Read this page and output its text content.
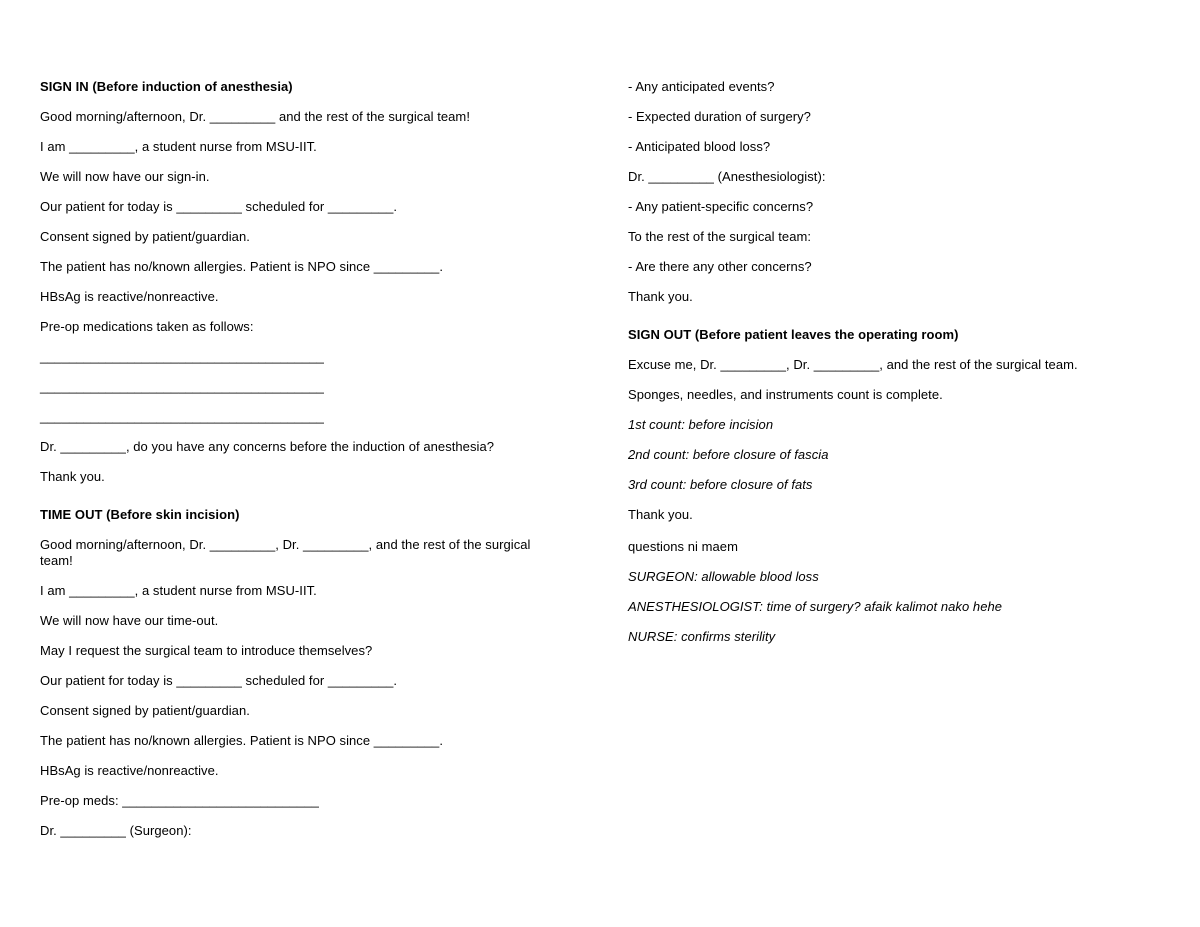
SIGN IN (Before induction of anesthesia)
Good morning/afternoon, Dr. _________ and the rest of the surgical team!
I am _________, a student nurse from MSU-IIT.
We will now have our sign-in.
Our patient for today is _________ scheduled for _________.
Consent signed by patient/guardian.
The patient has no/known allergies. Patient is NPO since _________.
HBsAg is reactive/nonreactive.
Pre-op medications taken as follows:
_______________________________________
_______________________________________
_______________________________________
Dr. _________, do you have any concerns before the induction of anesthesia?
Thank you.
TIME OUT (Before skin incision)
Good morning/afternoon, Dr. _________, Dr. _________, and the rest of the surgical team!
I am _________, a student nurse from MSU-IIT.
We will now have our time-out.
May I request the surgical team to introduce themselves?
Our patient for today is _________ scheduled for _________.
Consent signed by patient/guardian.
The patient has no/known allergies. Patient is NPO since _________.
HBsAg is reactive/nonreactive.
Pre-op meds: ___________________________
Dr. _________ (Surgeon):
- Any anticipated events?
- Expected duration of surgery?
- Anticipated blood loss?
Dr. _________ (Anesthesiologist):
- Any patient-specific concerns?
To the rest of the surgical team:
- Are there any other concerns?
Thank you.
SIGN OUT (Before patient leaves the operating room)
Excuse me, Dr. _________, Dr. _________, and the rest of the surgical team.
Sponges, needles, and instruments count is complete.
1st count: before incision
2nd count: before closure of fascia
3rd count: before closure of fats
Thank you.
questions ni maem
SURGEON: allowable blood loss
ANESTHESIOLOGIST: time of surgery? afaik kalimot nako hehe
NURSE: confirms sterility
